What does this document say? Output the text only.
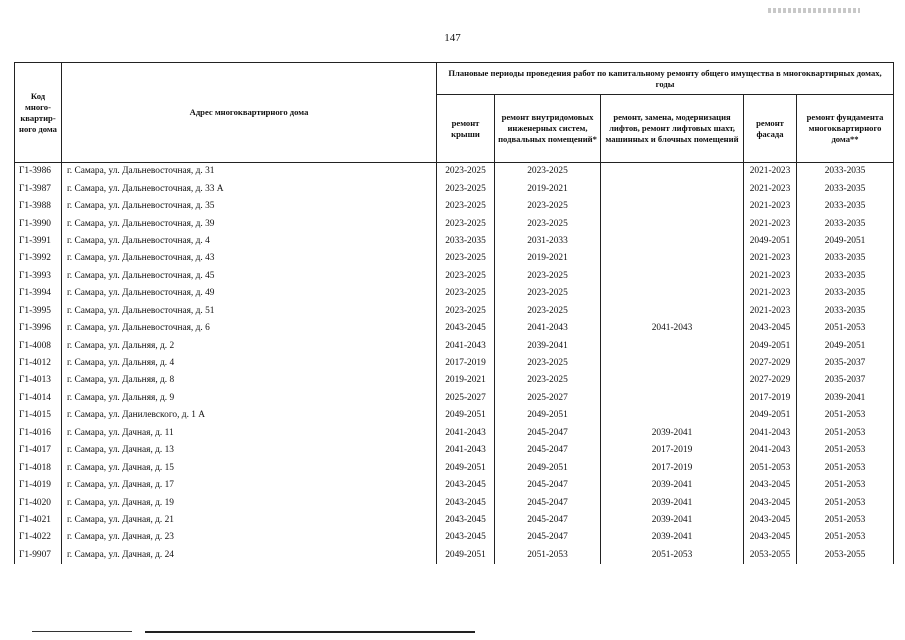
147
Код много-квартир-ного дома	Адрес многоквартирного дома	Плановые периоды проведения работ по капитальному ремонту общего имущества в многоквартирных домах, годы				
		ремонт крыши	ремонт внутридомовых инженерных систем, подвальных помещений*	ремонт, замена, модернизация лифтов, ремонт лифтовых шахт, машинных и блочных помещений	ремонт фасада	ремонт фундамента многоквартирного дома**
Г1-3986	г. Самара, ул. Дальневосточная, д. 31	2023-2025	2023-2025		2021-2023	2033-2035
Г1-3987	г. Самара, ул. Дальневосточная, д. 33 А	2023-2025	2019-2021		2021-2023	2033-2035
Г1-3988	г. Самара, ул. Дальневосточная, д. 35	2023-2025	2023-2025		2021-2023	2033-2035
Г1-3990	г. Самара, ул. Дальневосточная, д. 39	2023-2025	2023-2025		2021-2023	2033-2035
Г1-3991	г. Самара, ул. Дальневосточная, д. 4	2033-2035	2031-2033		2049-2051	2049-2051
Г1-3992	г. Самара, ул. Дальневосточная, д. 43	2023-2025	2019-2021		2021-2023	2033-2035
Г1-3993	г. Самара, ул. Дальневосточная, д. 45	2023-2025	2023-2025		2021-2023	2033-2035
Г1-3994	г. Самара, ул. Дальневосточная, д. 49	2023-2025	2023-2025		2021-2023	2033-2035
Г1-3995	г. Самара, ул. Дальневосточная, д. 51	2023-2025	2023-2025		2021-2023	2033-2035
Г1-3996	г. Самара, ул. Дальневосточная, д. 6	2043-2045	2041-2043	2041-2043	2043-2045	2051-2053
Г1-4008	г. Самара, ул. Дальняя, д. 2	2041-2043	2039-2041		2049-2051	2049-2051
Г1-4012	г. Самара, ул. Дальняя, д. 4	2017-2019	2023-2025		2027-2029	2035-2037
Г1-4013	г. Самара, ул. Дальняя, д. 8	2019-2021	2023-2025		2027-2029	2035-2037
Г1-4014	г. Самара, ул. Дальняя, д. 9	2025-2027	2025-2027		2017-2019	2039-2041
Г1-4015	г. Самара, ул. Данилевского, д. 1 А	2049-2051	2049-2051		2049-2051	2051-2053
Г1-4016	г. Самара, ул. Дачная, д. 11	2041-2043	2045-2047	2039-2041	2041-2043	2051-2053
Г1-4017	г. Самара, ул. Дачная, д. 13	2041-2043	2045-2047	2017-2019	2041-2043	2051-2053
Г1-4018	г. Самара, ул. Дачная, д. 15	2049-2051	2049-2051	2017-2019	2051-2053	2051-2053
Г1-4019	г. Самара, ул. Дачная, д. 17	2043-2045	2045-2047	2039-2041	2043-2045	2051-2053
Г1-4020	г. Самара, ул. Дачная, д. 19	2043-2045	2045-2047	2039-2041	2043-2045	2051-2053
Г1-4021	г. Самара, ул. Дачная, д. 21	2043-2045	2045-2047	2039-2041	2043-2045	2051-2053
Г1-4022	г. Самара, ул. Дачная, д. 23	2043-2045	2045-2047	2039-2041	2043-2045	2051-2053
Г1-9907	г. Самара, ул. Дачная, д. 24	2049-2051	2051-2053	2051-2053	2053-2055	2053-2055
